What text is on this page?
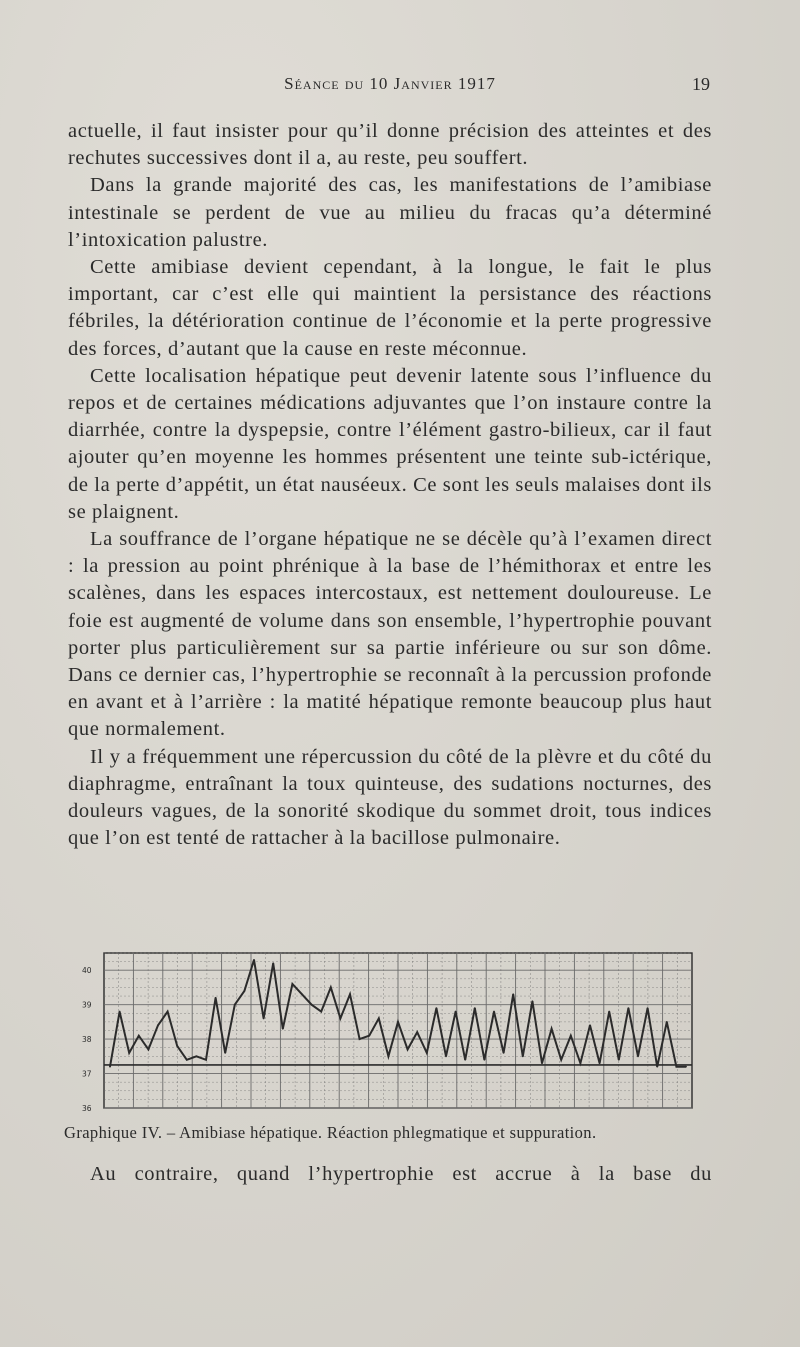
Séance du 10 Janvier 1917	19

actuelle, il faut insister pour qu’il donne précision des atteintes et des rechutes successives dont il a, au reste, peu souffert.

Dans la grande majorité des cas, les manifestations de l’amibiase intestinale se perdent de vue au milieu du fracas qu’a déterminé l’intoxication palustre.

Cette amibiase devient cependant, à la longue, le fait le plus important, car c’est elle qui maintient la persistance des réactions fébriles, la détérioration continue de l’économie et la perte progressive des forces, d’autant que la cause en reste méconnue.

Cette localisation hépatique peut devenir latente sous l’influence du repos et de certaines médications adjuvantes que l’on instaure contre la diarrhée, contre la dyspepsie, contre l’élément gastro-bilieux, car il faut ajouter qu’en moyenne les hommes présentent une teinte sub-ictérique, de la perte d’appétit, un état nauséeux. Ce sont les seuls malaises dont ils se plaignent.

La souffrance de l’organe hépatique ne se décèle qu’à l’examen direct : la pression au point phrénique à la base de l’hémithorax et entre les scalènes, dans les espaces intercostaux, est nettement douloureuse. Le foie est augmenté de volume dans son ensemble, l’hypertrophie pouvant porter plus particulièrement sur sa partie inférieure ou sur son dôme. Dans ce dernier cas, l’hypertrophie se reconnaît à la percussion profonde en avant et à l’arrière : la matité hépatique remonte beaucoup plus haut que normalement.

Il y a fréquemment une répercussion du côté de la plèvre et du côté du diaphragme, entraînant la toux quinteuse, des sudations nocturnes, des douleurs vagues, de la sonorité skodique du sommet droit, tous indices que l’on est tenté de rattacher à la bacillose pulmonaire.

40
39
38
37
36
Graphique IV. – Amibiase hépatique. Réaction phlegmatique et suppuration.
Au contraire, quand l’hypertrophie est accrue à la base du
